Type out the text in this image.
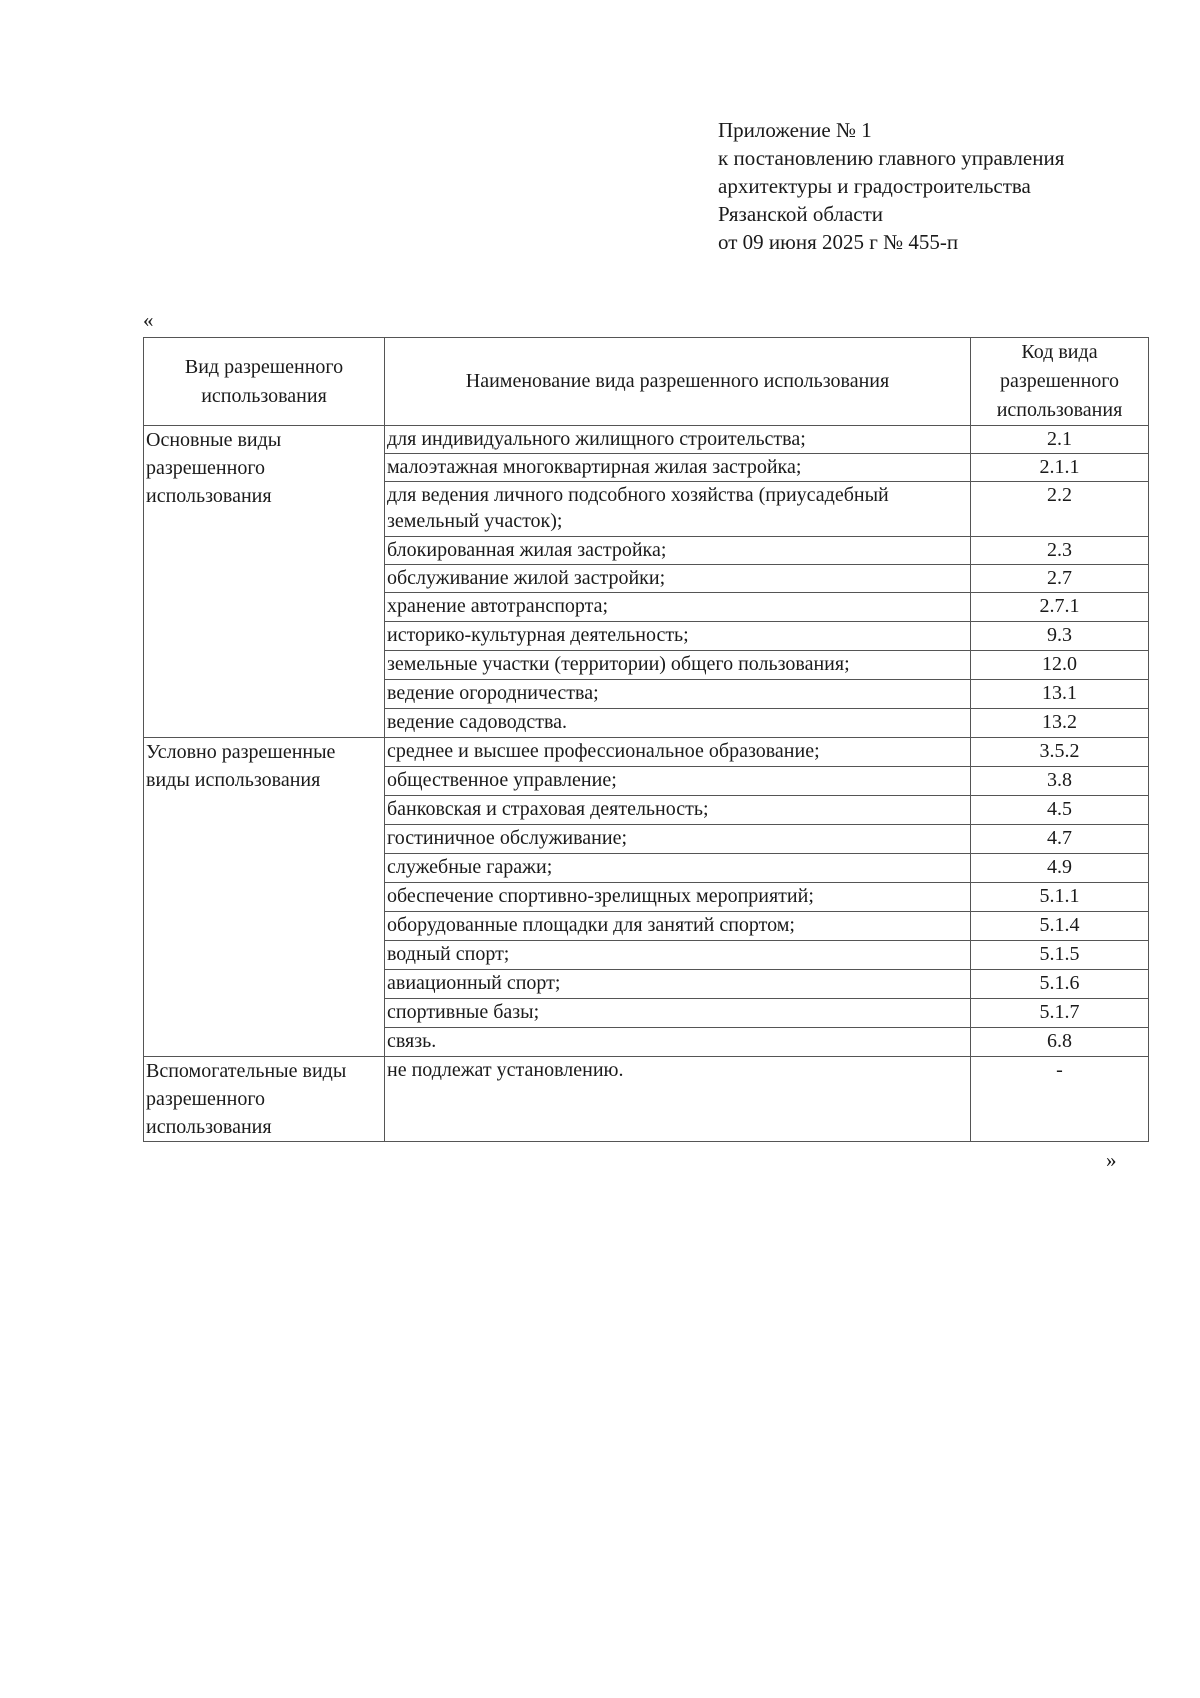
Приложение № 1
к постановлению главного управления
архитектуры и градостроительства
Рязанской области
от 09 июня 2025 г № 455-п
«
Вид разрешенного использования	Наименование вида разрешенного использования	Код вида разрешенного использования
Основные виды разрешенного использования	для индивидуального жилищного строительства;	2.1
	малоэтажная многоквартирная жилая застройка;	2.1.1
	для ведения личного подсобного хозяйства (приусадебный земельный участок);	2.2
	блокированная жилая застройка;	2.3
	обслуживание жилой застройки;	2.7
	хранение автотранспорта;	2.7.1
	историко-культурная деятельность;	9.3
	земельные участки (территории) общего пользования;	12.0
	ведение огородничества;	13.1
	ведение садоводства.	13.2
Условно разрешенные виды использования	среднее и высшее профессиональное образование;	3.5.2
	общественное управление;	3.8
	банковская и страховая деятельность;	4.5
	гостиничное обслуживание;	4.7
	служебные гаражи;	4.9
	обеспечение спортивно-зрелищных мероприятий;	5.1.1
	оборудованные площадки для занятий спортом;	5.1.4
	водный спорт;	5.1.5
	авиационный спорт;	5.1.6
	спортивные базы;	5.1.7
	связь.	6.8
Вспомогательные виды разрешенного использования	не подлежат установлению.	-
»
